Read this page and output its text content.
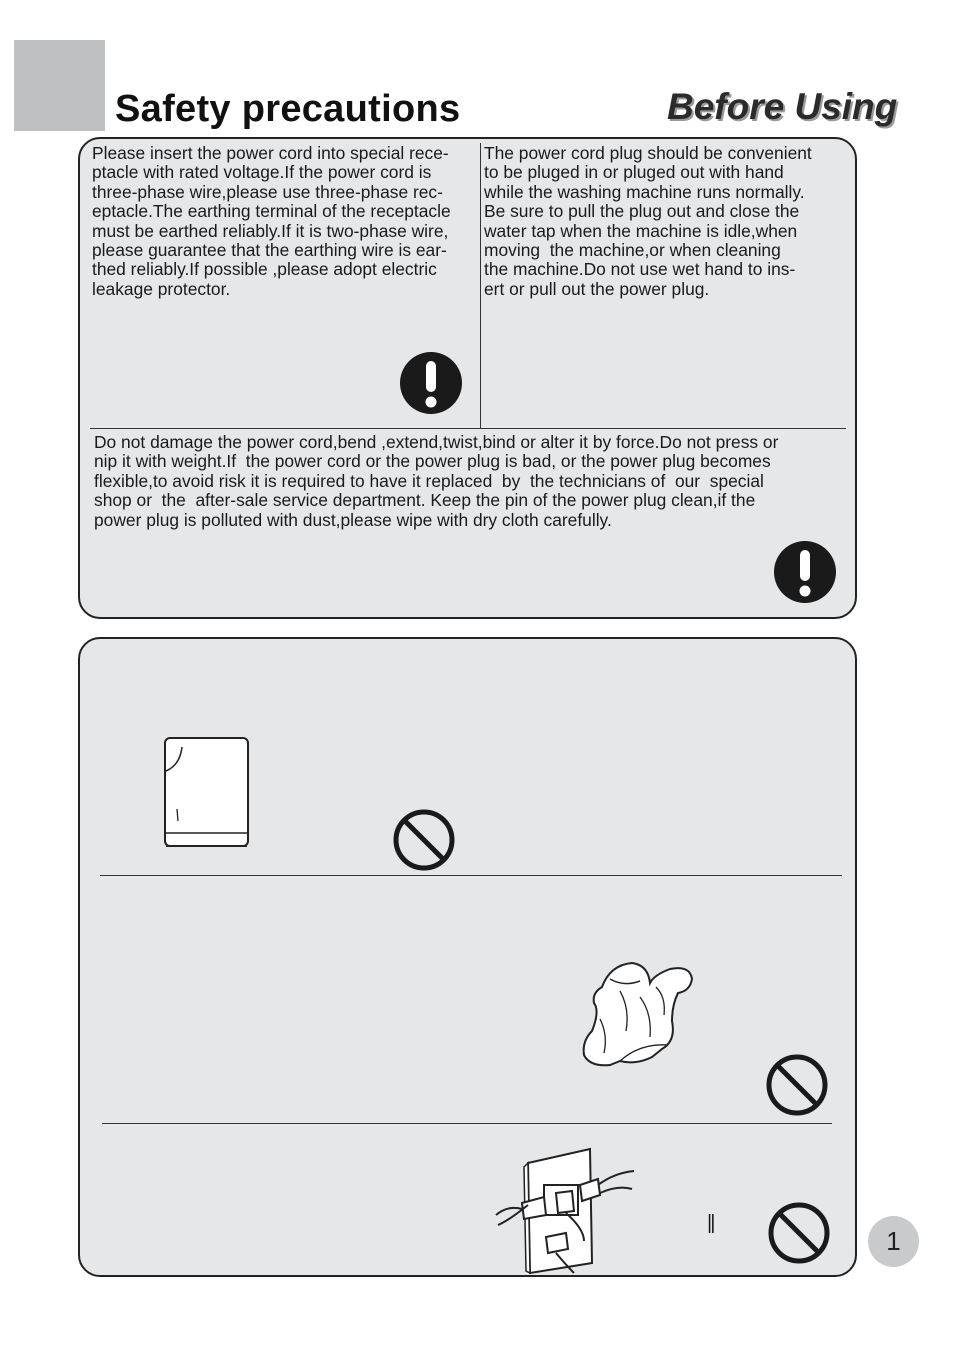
Safety precautions	Before Using

Please insert the power cord into special rece-
ptacle with rated voltage.If the power cord is
three-phase wire,please use three-phase rec-
eptacle.The earthing terminal of the receptacle
must be earthed reliably.If it is two-phase wire,
please guarantee that the earthing wire is ear-
thed reliably.If possible ,please adopt electric
leakage protector.

The power cord plug should be convenient
to be pluged in or pluged out with hand
while the washing machine runs normally.
Be sure to pull the plug out and close the
water tap when the machine is idle,when
moving  the machine,or when cleaning
the machine.Do not use wet hand to ins-
ert or pull out the power plug.

Do not damage the power cord,bend ,extend,twist,bind or alter it by force.Do not press or
nip it with weight.If  the power cord or the power plug is bad, or the power plug becomes
flexible,to avoid risk it is required to have it replaced  by  the technicians of  our  special
shop or  the  after-sale service department. Keep the pin of the power plug clean,if the
power plug is polluted with dust,please wipe with dry cloth carefully.

||
1
